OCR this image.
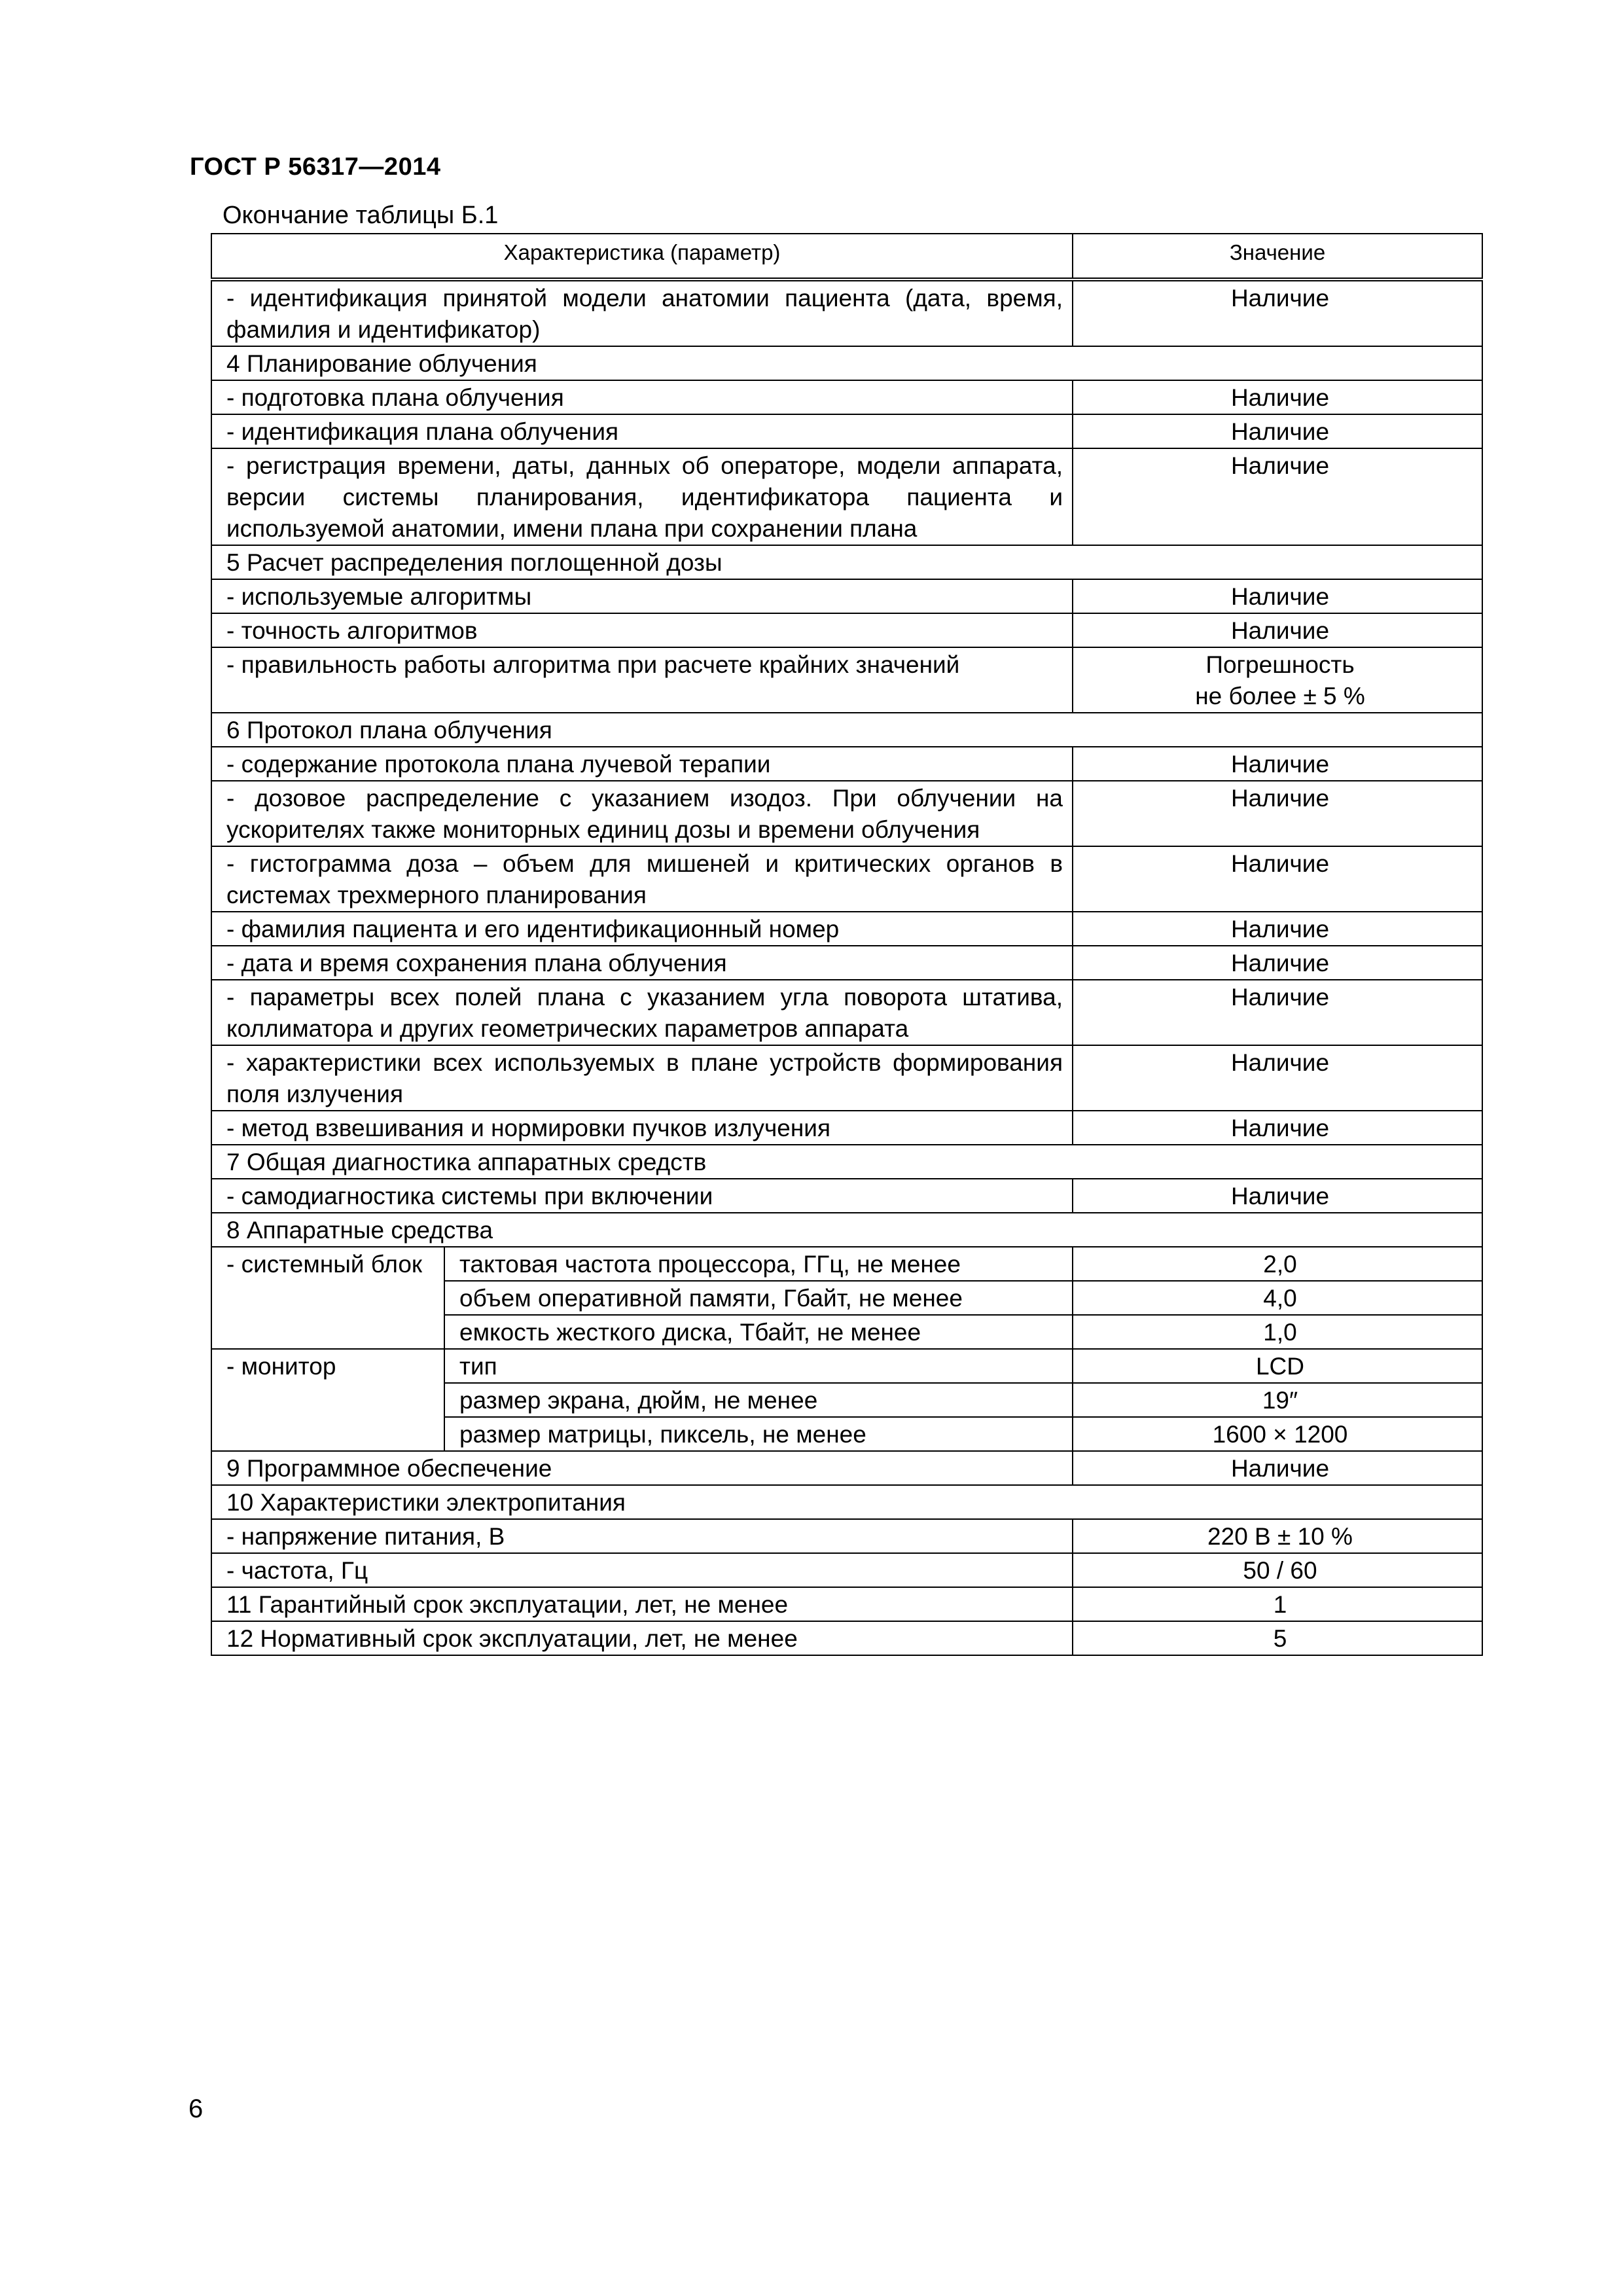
ГОСТ Р 56317—2014
Окончание таблицы Б.1
Характеристика (параметр)		Значение
- идентификация принятой модели анатомии пациента (дата, время, фамилия и идентификатор)		Наличие
4 Планирование облучения		
- подготовка плана облучения		Наличие
- идентификация плана облучения		Наличие
- регистрация времени, даты, данных об операторе, модели аппарата, версии системы планирования, идентификатора пациента и используемой анатомии, имени плана при сохранении плана		Наличие
5 Расчет распределения поглощенной дозы		
- используемые алгоритмы		Наличие
- точность алгоритмов		Наличие
- правильность работы алгоритма при расчете крайних значений		Погрешность
не более ± 5 %

6 Протокол плана облучения		
- содержание протокола плана лучевой терапии		Наличие
- дозовое распределение с указанием изодоз. При облучении на ускорителях также мониторных единиц дозы и времени облучения		Наличие
- гистограмма доза – объем для мишеней и критических органов в системах трехмерного планирования		Наличие
- фамилия пациента и его идентификационный номер		Наличие
- дата и время сохранения плана облучения		Наличие
- параметры всех полей плана с указанием угла поворота штатива, коллиматора и других геометрических параметров аппарата		Наличие
- характеристики всех используемых в плане устройств формирования поля излучения		Наличие
- метод взвешивания и нормировки пучков излучения		Наличие
7 Общая диагностика аппаратных средств		
- самодиагностика системы при включении		Наличие
8 Аппаратные средства		
- системный блок	тактовая частота процессора, ГГц, не менее	2,0
	объем оперативной памяти, Гбайт, не менее	4,0
	емкость жесткого диска, Тбайт, не менее	1,0
- монитор	тип	LCD
	размер экрана, дюйм, не менее	19″
	размер матрицы, пиксель, не менее	1600 × 1200
9 Программное обеспечение		Наличие
10 Характеристики электропитания		
- напряжение питания, В		220 В ± 10 %
- частота, Гц		50 / 60
11 Гарантийный срок эксплуатации, лет, не менее		1
12 Нормативный срок эксплуатации, лет, не менее		5
6
